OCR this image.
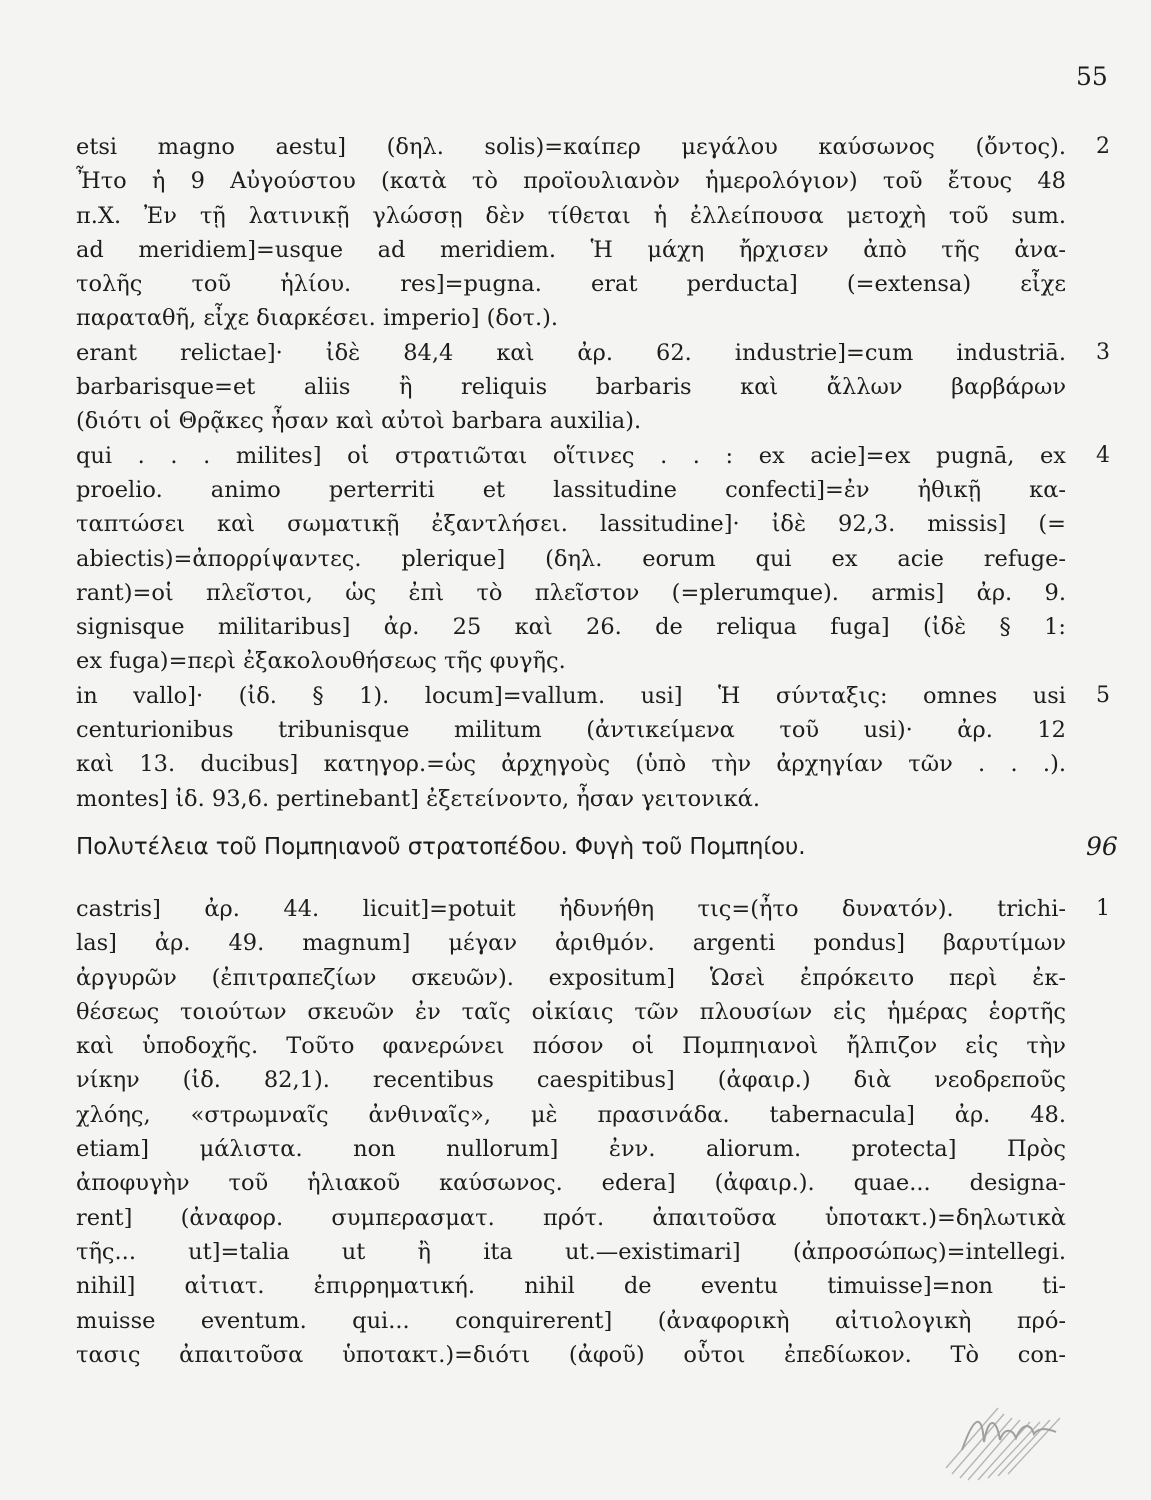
55
etsi magno aestu] (δηλ. solis)=καίπερ μεγάλου καύσωνος (ὄντος).
Ἦτο ἡ 9 Αὐγούστου (κατὰ τὸ προϊουλιανὸν ἡμερολόγιον) τοῦ ἔτους 48
π.Χ. Ἐν τῇ λατινικῇ γλώσσῃ δὲν τίθεται ἡ ἐλλείπουσα μετοχὴ τοῦ sum.
ad meridiem]=usque ad meridiem. Ἡ μάχη ἤρχισεν ἀπὸ τῆς ἀνα-
τολῆς τοῦ ἡλίου. res]=pugna. erat perducta] (=extensa) εἶχε
παραταθῆ, εἶχε διαρκέσει. imperio] (δοτ.).
2
erant relictae]· ἰδὲ 84,4 καὶ ἀρ. 62. industrie]=cum industriā.
barbarisque=et aliis ἢ reliquis barbaris καὶ ἄλλων βαρβάρων
(διότι οἱ Θρᾷκες ἦσαν καὶ αὐτοὶ barbara auxilia).
3
qui . . . milites] οἱ στρατιῶται οἵτινες . . : ex acie]=ex pugnā, ex
proelio. animo perterriti et lassitudine confecti]=ἐν ἠθικῇ κα-
ταπτώσει καὶ σωματικῇ ἐξαντλήσει. lassitudine]· ἰδὲ 92,3. missis] (=
abiectis)=ἀπορρίψαντες. plerique] (δηλ. eorum qui ex acie refuge-
rant)=οἱ πλεῖστοι, ὡς ἐπὶ τὸ πλεῖστον (=plerumque). armis] ἀρ. 9.
signisque militaribus] ἀρ. 25 καὶ 26. de reliqua fuga] (ἰδὲ § 1:
ex fuga)=περὶ ἐξακολουθήσεως τῆς φυγῆς.
4
in vallo]· (ἰδ. § 1). locum]=vallum. usi] Ἡ σύνταξις: omnes usi
centurionibus tribunisque militum (ἀντικείμενα τοῦ usi)· ἀρ. 12
καὶ 13. ducibus] κατηγορ.=ὡς ἀρχηγοὺς (ὑπὸ τὴν ἀρχηγίαν τῶν . . .).
montes] ἰδ. 93,6. pertinebant] ἐξετείνοντο, ἦσαν γειτονικά.
5
Πολυτέλεια τοῦ Πομπηιανοῦ στρατοπέδου. Φυγὴ τοῦ Πομπηίου.	96
castris] ἀρ. 44. licuit]=potuit ἠδυνήθη τις=(ἦτο δυνατόν). trichi-
las] ἀρ. 49. magnum] μέγαν ἀριθμόν. argenti pondus] βαρυτίμων
ἀργυρῶν (ἐπιτραπεζίων σκευῶν). expositum] Ὡσεὶ ἐπρόκειτο περὶ ἐκ-
θέσεως τοιούτων σκευῶν ἐν ταῖς οἰκίαις τῶν πλουσίων εἰς ἡμέρας ἑορτῆς
καὶ ὑποδοχῆς. Τοῦτο φανερώνει πόσον οἱ Πομπηιανοὶ ἤλπιζον εἰς τὴν
νίκην (ἰδ. 82,1). recentibus caespitibus] (ἀφαιρ.) διὰ νεοδρεποῦς
χλόης, «στρωμναῖς ἀνθιναῖς», μὲ πρασινάδα. tabernacula] ἀρ. 48.
etiam] μάλιστα. non nullorum] ἐνν. aliorum. protecta] Πρὸς
ἀποφυγὴν τοῦ ἡλιακοῦ καύσωνος. edera] (ἀφαιρ.). quae... designa-
rent] (ἀναφορ. συμπερασματ. πρότ. ἀπαιτοῦσα ὑποτακτ.)=δηλωτικὰ
τῆς... ut]=talia ut ἢ ita ut.—existimari] (ἀπροσώπως)=intellegi.
nihil] αἰτιατ. ἐπιρρηματική. nihil de eventu timuisse]=non ti-
muisse eventum. qui... conquirerent] (ἀναφορικὴ αἰτιολογικὴ πρό-
τασις ἀπαιτοῦσα ὑποτακτ.)=διότι (ἀφοῦ) οὗτοι ἐπεδίωκον. Τὸ con-
1
